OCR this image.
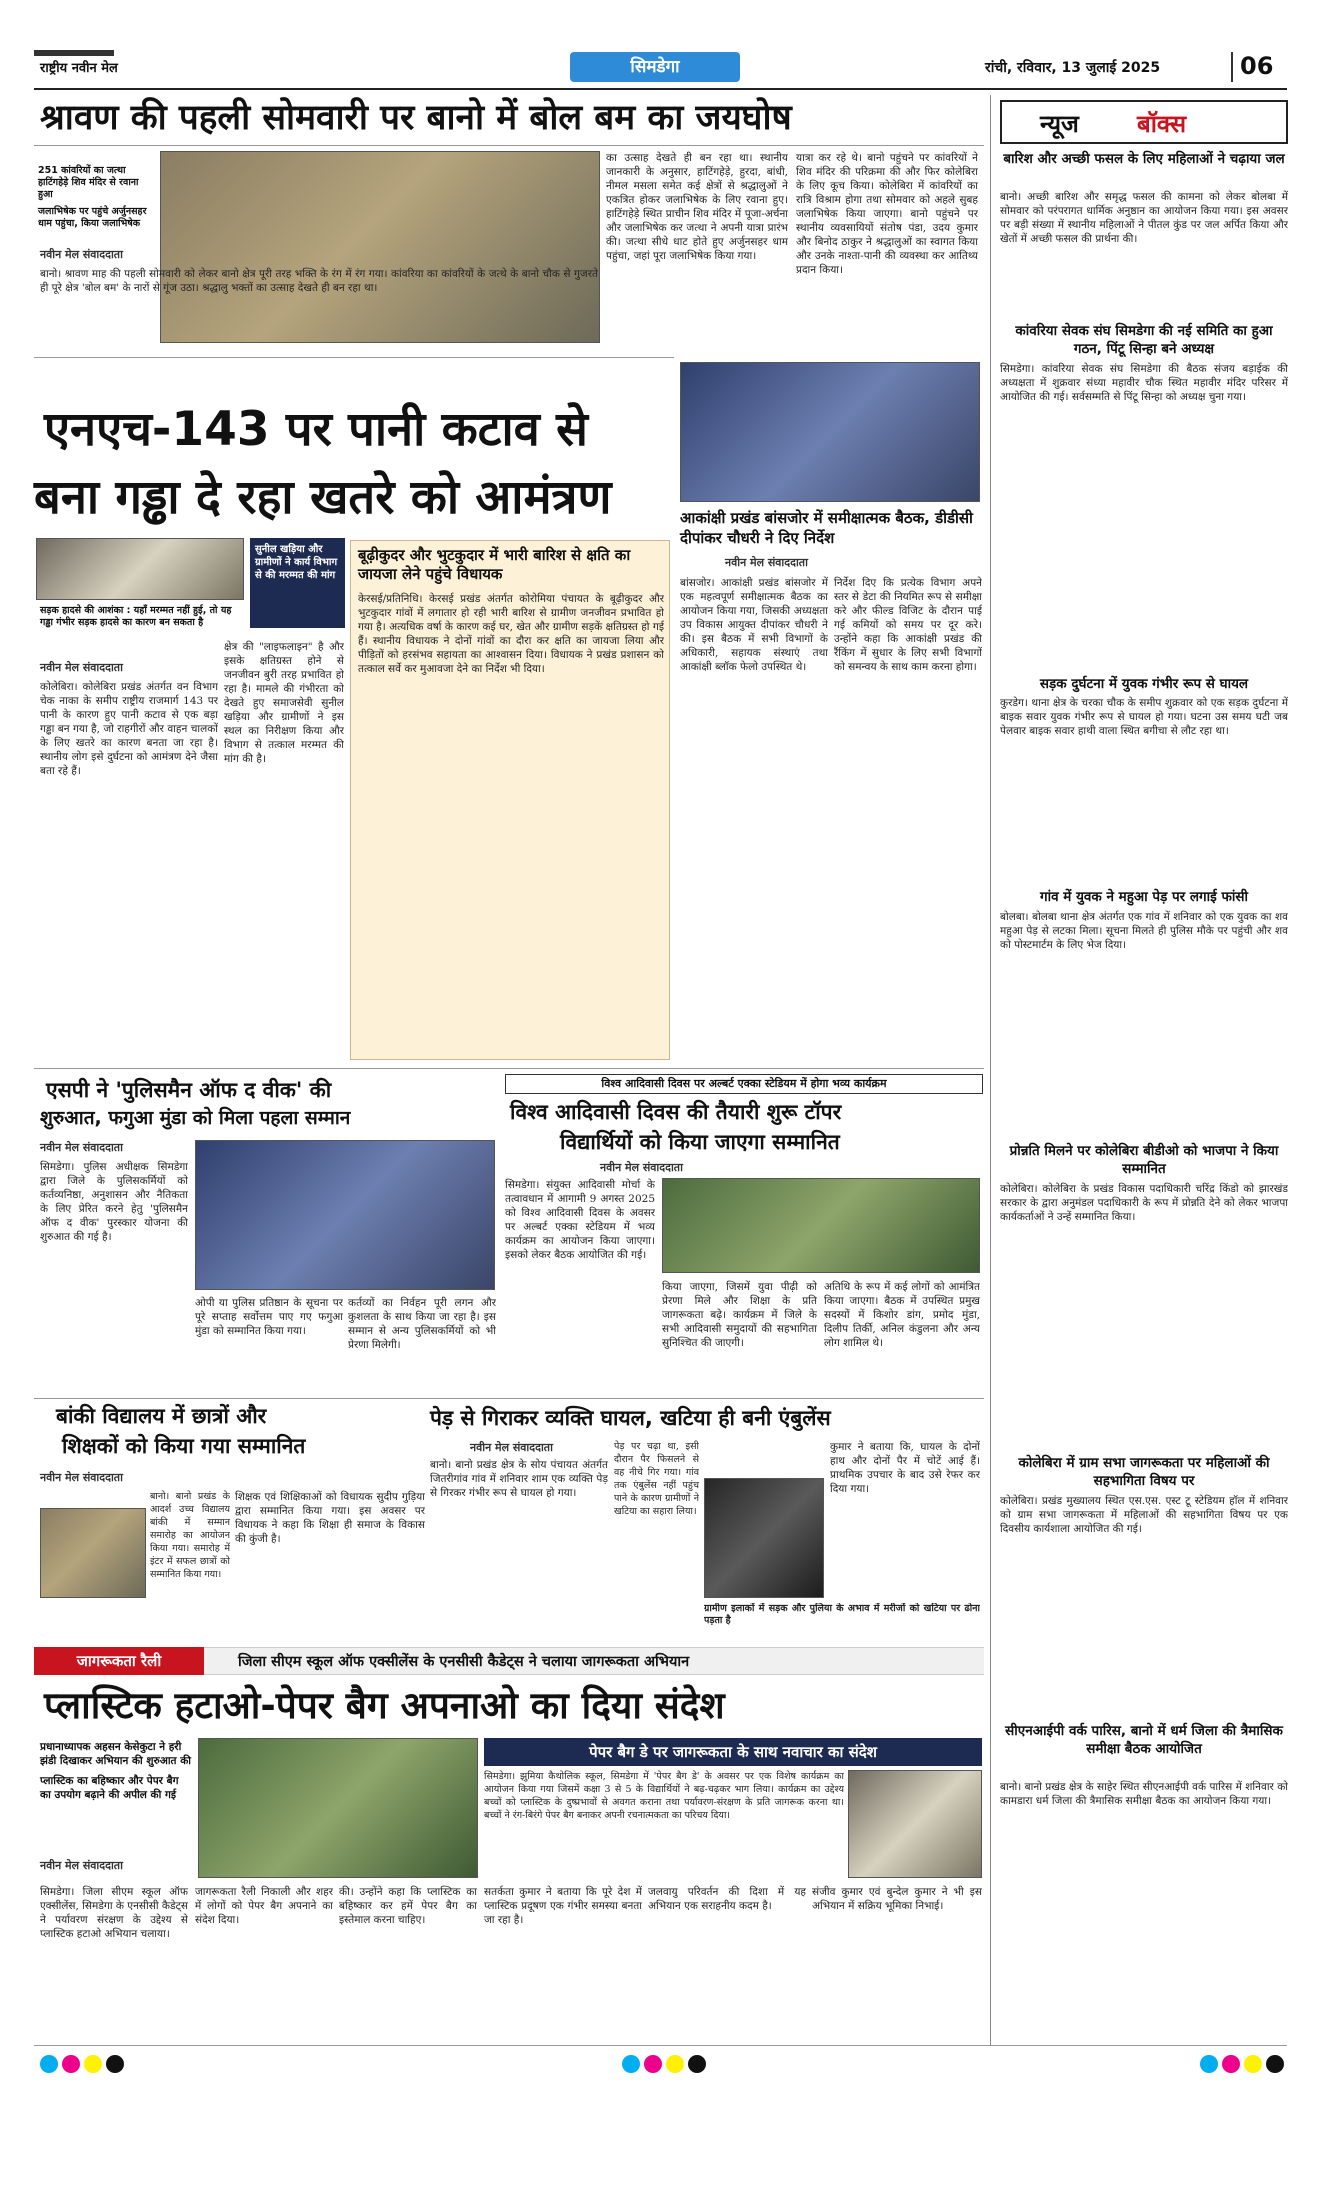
राष्ट्रीय नवीन मेल	सिमडेगा	रांची, रविवार, 13 जुलाई 2025	06
श्रावण की पहली सोमवारी पर बानो में बोल बम का जयघोष
251 कांवरियों का जत्था हाटिंगहेड़े शिव मंदिर से रवाना हुआ
जलाभिषेक पर पहुंचे अर्जुनसहर धाम पहुंचा, किया जलाभिषेक
नवीन मेल संवाददाता
बानो। श्रावण माह की पहली सोमवारी को लेकर बानो क्षेत्र पूरी तरह भक्ति के रंग में रंग गया। कांवरिया का कांवरियों के जत्थे के बानो चौक से गुजरते ही पूरे क्षेत्र 'बोल बम' के नारों से गूंज उठा। श्रद्धालु भक्तों का उत्साह देखते ही बन रहा था।
का उत्साह देखते ही बन रहा था। स्थानीय जानकारी के अनुसार, हाटिंगहेड़े, हुरदा, बांधी, नीमल मसला समेत कई क्षेत्रों से श्रद्धालुओं ने एकत्रित होकर जलाभिषेक के लिए रवाना हुए। हाटिंगहेड़े स्थित प्राचीन शिव मंदिर में पूजा-अर्चना और जलाभिषेक कर जत्था ने अपनी यात्रा प्रारंभ की। जत्था सीधे धाट होते हुए अर्जुनसहर धाम पहुंचा, जहां पूरा जलाभिषेक किया गया।
यात्रा कर रहे थे। बानो पहुंचने पर कांवरियों ने शिव मंदिर की परिक्रमा की और फिर कोलेबिरा के लिए कूच किया। कोलेबिरा में कांवरियों का रात्रि विश्राम होगा तथा सोमवार को अहले सुबह जलाभिषेक किया जाएगा। बानो पहुंचने पर स्थानीय व्यवसायियों संतोष पंडा, उदय कुमार और बिनोद ठाकुर ने श्रद्धालुओं का स्वागत किया और उनके नाश्ता-पानी की व्यवस्था कर आतिथ्य प्रदान किया।
एनएच-143 पर पानी कटाव से
बना गड्ढा दे रहा खतरे को आमंत्रण
सुनील खड़िया और ग्रामीणों ने कार्य विभाग से की मरम्मत की मांग
सड़क हादसे की आशंका : यहाँ मरम्मत नहीं हुई, तो यह गड्ढा गंभीर सड़क हादसे का कारण बन सकता है
नवीन मेल संवाददाता
कोलेबिरा। कोलेबिरा प्रखंड अंतर्गत वन विभाग चेक नाका के समीप राष्ट्रीय राजमार्ग 143 पर पानी के कारण हुए पानी कटाव से एक बड़ा गड्ढा बन गया है, जो राहगीरों और वाहन चालकों के लिए खतरे का कारण बनता जा रहा है। स्थानीय लोग इसे दुर्घटना को आमंत्रण देने जैसा बता रहे हैं।
क्षेत्र की "लाइफलाइन" है और इसके क्षतिग्रस्त होने से जनजीवन बुरी तरह प्रभावित हो रहा है। मामले की गंभीरता को देखते हुए समाजसेवी सुनील खड़िया और ग्रामीणों ने इस स्थल का निरीक्षण किया और विभाग से तत्काल मरम्मत की मांग की है।
बूढ़ीकुदर और भुटकुदार में भारी बारिश से क्षति का जायजा लेने पहुंचे विधायक
केरसई/प्रतिनिधि। केरसई प्रखंड अंतर्गत कोरोमिया पंचायत के बूढ़ीकुदर और भुटकुदार गांवों में लगातार हो रही भारी बारिश से ग्रामीण जनजीवन प्रभावित हो गया है। अत्यधिक वर्षा के कारण कई घर, खेत और ग्रामीण सड़कें क्षतिग्रस्त हो गई हैं। स्थानीय विधायक ने दोनों गांवों का दौरा कर क्षति का जायजा लिया और पीड़ितों को हरसंभव सहायता का आश्वासन दिया। विधायक ने प्रखंड प्रशासन को तत्काल सर्वे कर मुआवजा देने का निर्देश भी दिया।
आकांक्षी प्रखंड बांसजोर में समीक्षात्मक बैठक, डीडीसी दीपांकर चौधरी ने दिए निर्देश
नवीन मेल संवाददाता
बांसजोर। आकांक्षी प्रखंड बांसजोर में एक महत्वपूर्ण समीक्षात्मक बैठक का आयोजन किया गया, जिसकी अध्यक्षता उप विकास आयुक्त दीपांकर चौधरी ने की। इस बैठक में सभी विभागों के अधिकारी, सहायक संस्थाएं तथा आकांक्षी ब्लॉक फेलो उपस्थित थे।
निर्देश दिए कि प्रत्येक विभाग अपने स्तर से डेटा की नियमित रूप से समीक्षा करे और फील्ड विजिट के दौरान पाई गई कमियों को समय पर दूर करे। उन्होंने कहा कि आकांक्षी प्रखंड की रैंकिंग में सुधार के लिए सभी विभागों को समन्वय के साथ काम करना होगा।
एसपी ने 'पुलिसमैन ऑफ द वीक' की
शुरुआत, फगुआ मुंडा को मिला पहला सम्मान
नवीन मेल संवाददाता
सिमडेगा। पुलिस अधीक्षक सिमडेगा द्वारा जिले के पुलिसकर्मियों को कर्तव्यनिष्ठा, अनुशासन और नैतिकता के लिए प्रेरित करने हेतु 'पुलिसमैन ऑफ द वीक' पुरस्कार योजना की शुरुआत की गई है।
ओपी या पुलिस प्रतिष्ठान के सूचना पर पूरे सप्ताह सर्वोत्तम पाए गए फगुआ मुंडा को सम्मानित किया गया।
कर्तव्यों का निर्वहन पूरी लगन और कुशलता के साथ किया जा रहा है। इस सम्मान से अन्य पुलिसकर्मियों को भी प्रेरणा मिलेगी।
विश्व आदिवासी दिवस पर अल्बर्ट एक्का स्टेडियम में होगा भव्य कार्यक्रम
विश्व आदिवासी दिवस की तैयारी शुरू टॉपर
विद्यार्थियों को किया जाएगा सम्मानित
नवीन मेल संवाददाता
सिमडेगा। संयुक्त आदिवासी मोर्चा के तत्वावधान में आगामी 9 अगस्त 2025 को विश्व आदिवासी दिवस के अवसर पर अल्बर्ट एक्का स्टेडियम में भव्य कार्यक्रम का आयोजन किया जाएगा। इसको लेकर बैठक आयोजित की गई।
किया जाएगा, जिसमें युवा पीढ़ी को प्रेरणा मिले और शिक्षा के प्रति जागरूकता बढ़े। कार्यक्रम में जिले के सभी आदिवासी समुदायों की सहभागिता सुनिश्चित की जाएगी।
अतिथि के रूप में कई लोगों को आमंत्रित किया जाएगा। बैठक में उपस्थित प्रमुख सदस्यों में किशोर डांग, प्रमोद मुंडा, दिलीप तिर्की, अनिल कंडुलना और अन्य लोग शामिल थे।
बांकी विद्यालय में छात्रों और
शिक्षकों को किया गया सम्मानित
नवीन मेल संवाददाता
बानो। बानो प्रखंड के आदर्श उच्च विद्यालय बांकी में सम्मान समारोह का आयोजन किया गया। समारोह में इंटर में सफल छात्रों को सम्मानित किया गया।
शिक्षक एवं शिक्षिकाओं को विधायक सुदीप गुड़िया द्वारा सम्मानित किया गया। इस अवसर पर विधायक ने कहा कि शिक्षा ही समाज के विकास की कुंजी है।
पेड़ से गिराकर व्यक्ति घायल, खटिया ही बनी एंबुलेंस
नवीन मेल संवाददाता
बानो। बानो प्रखंड क्षेत्र के सोय पंचायत अंतर्गत जितरीगांव गांव में शनिवार शाम एक व्यक्ति पेड़ से गिरकर गंभीर रूप से घायल हो गया।
पेड़ पर चढ़ा था, इसी दौरान पैर फिसलने से वह नीचे गिर गया। गांव तक एंबुलेंस नहीं पहुंच पाने के कारण ग्रामीणों ने खटिया का सहारा लिया।
कुमार ने बताया कि, घायल के दोनों हाथ और दोनों पैर में चोटें आई हैं। प्राथमिक उपचार के बाद उसे रेफर कर दिया गया।
ग्रामीण इलाकों में सड़क और पुलिया के अभाव में मरीजों को खटिया पर ढोना पड़ता है
जागरूकता रैली	जिला सीएम स्कूल ऑफ एक्सीलेंस के एनसीसी कैडेट्स ने चलाया जागरूकता अभियान
प्लास्टिक हटाओ-पेपर बैग अपनाओ का दिया संदेश
प्रधानाध्यापक अहसन केसेकुटा ने हरी झंडी दिखाकर अभियान की शुरुआत की
प्लास्टिक का बहिष्कार और पेपर बैग का उपयोग बढ़ाने की अपील की गई
नवीन मेल संवाददाता
सिमडेगा। जिला सीएम स्कूल ऑफ एक्सीलेंस, सिमडेगा के एनसीसी कैडेट्स ने पर्यावरण संरक्षण के उद्देश्य से प्लास्टिक हटाओ अभियान चलाया।
जागरूकता रैली निकाली और शहर में लोगों को पेपर बैग अपनाने का संदेश दिया।
की। उन्होंने कहा कि प्लास्टिक का बहिष्कार कर हमें पेपर बैग का इस्तेमाल करना चाहिए।
सतर्कता कुमार ने बताया कि पूरे देश में प्लास्टिक प्रदूषण एक गंभीर समस्या बनता जा रहा है।
जलवायु परिवर्तन की दिशा में यह अभियान एक सराहनीय कदम है।
संजीव कुमार एवं बुन्देल कुमार ने भी इस अभियान में सक्रिय भूमिका निभाई।
पेपर बैग डे पर जागरूकता के साथ नवाचार का संदेश
सिमडेगा। झुमिया कैथोलिक स्कूल, सिमडेगा में 'पेपर बैग डे' के अवसर पर एक विशेष कार्यक्रम का आयोजन किया गया जिसमें कक्षा 3 से 5 के विद्यार्थियों ने बढ़-चढ़कर भाग लिया। कार्यक्रम का उद्देश्य बच्चों को प्लास्टिक के दुष्प्रभावों से अवगत कराना तथा पर्यावरण-संरक्षण के प्रति जागरूक करना था। बच्चों ने रंग-बिरंगे पेपर बैग बनाकर अपनी रचनात्मकता का परिचय दिया।
न्यूज बॉक्स
बारिश और अच्छी फसल के लिए महिलाओं ने चढ़ाया जल
बानो। अच्छी बारिश और समृद्ध फसल की कामना को लेकर बोलबा में सोमवार को परंपरागत धार्मिक अनुष्ठान का आयोजन किया गया। इस अवसर पर बड़ी संख्या में स्थानीय महिलाओं ने पीतल कुंड पर जल अर्पित किया और खेतों में अच्छी फसल की प्रार्थना की।
कांवरिया सेवक संघ सिमडेगा की नई समिति का हुआ गठन, पिंटू सिन्हा बने अध्यक्ष
सिमडेगा। कांवरिया सेवक संघ सिमडेगा की बैठक संजय बड़ाईक की अध्यक्षता में शुक्रवार संध्या महावीर चौक स्थित महावीर मंदिर परिसर में आयोजित की गई। सर्वसम्मति से पिंटू सिन्हा को अध्यक्ष चुना गया।
सड़क दुर्घटना में युवक गंभीर रूप से घायल
कुरडेग। थाना क्षेत्र के चरका चौक के समीप शुक्रवार को एक सड़क दुर्घटना में बाइक सवार युवक गंभीर रूप से घायल हो गया। घटना उस समय घटी जब पेलवार बाइक सवार हाथी वाला स्थित बगीचा से लौट रहा था।
गांव में युवक ने महुआ पेड़ पर लगाई फांसी
बोलबा। बोलबा थाना क्षेत्र अंतर्गत एक गांव में शनिवार को एक युवक का शव महुआ पेड़ से लटका मिला। सूचना मिलते ही पुलिस मौके पर पहुंची और शव को पोस्टमार्टम के लिए भेज दिया।
प्रोन्नति मिलने पर कोलेबिरा बीडीओ को भाजपा ने किया सम्मानित
कोलेबिरा। कोलेबिरा के प्रखंड विकास पदाधिकारी चरिंद्र किंडो को झारखंड सरकार के द्वारा अनुमंडल पदाधिकारी के रूप में प्रोन्नति देने को लेकर भाजपा कार्यकर्ताओं ने उन्हें सम्मानित किया।
कोलेबिरा में ग्राम सभा जागरूकता पर महिलाओं की सहभागिता विषय पर
कोलेबिरा। प्रखंड मुख्यालय स्थित एस.एस. एस्ट टू स्टेडियम हॉल में शनिवार को ग्राम सभा जागरूकता में महिलाओं की सहभागिता विषय पर एक दिवसीय कार्यशाला आयोजित की गई।
सीएनआईपी वर्क पारिस, बानो में धर्म जिला की त्रैमासिक समीक्षा बैठक आयोजित
बानो। बानो प्रखंड क्षेत्र के साहेर स्थित सीएनआईपी वर्क पारिस में शनिवार को कामडारा धर्म जिला की त्रैमासिक समीक्षा बैठक का आयोजन किया गया।
